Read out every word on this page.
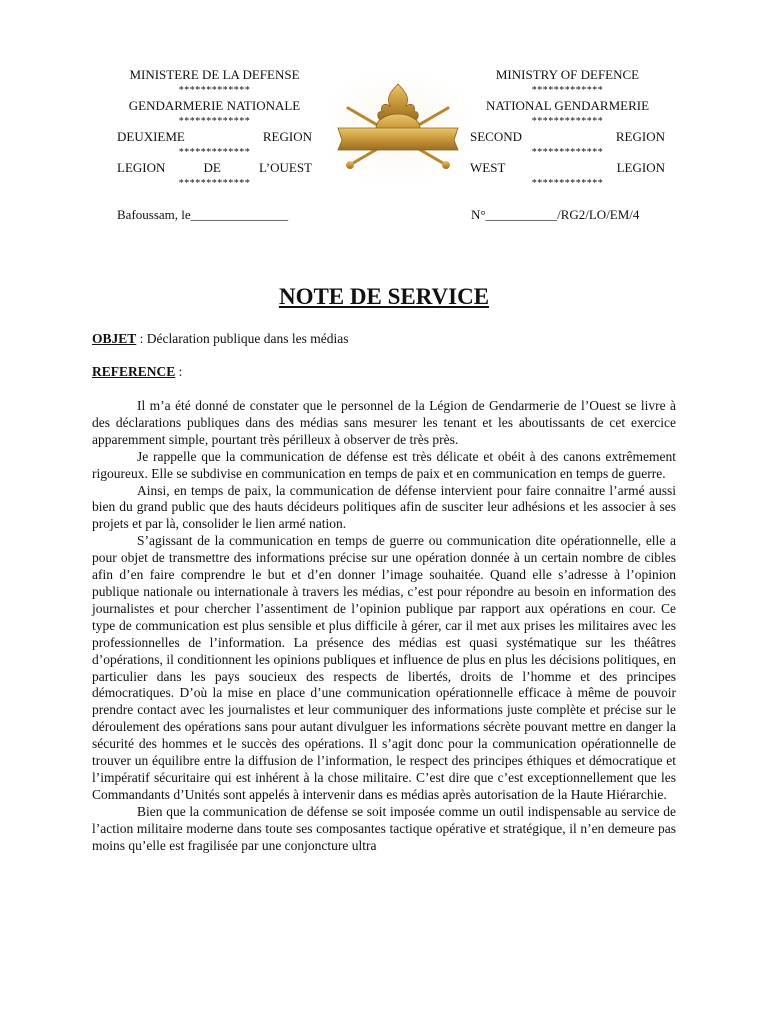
MINISTERE DE LA DEFENSE
*************
GENDARMERIE NATIONALE
*************
DEUXIEME REGION
*************
LEGION DE L’OUEST
*************
MINISTRY OF DEFENCE
*************
NATIONAL GENDARMERIE
*************
SECOND REGION
*************
WEST LEGION
*************
Bafoussam, le_______________	N°___________/RG2/LO/EM/4
NOTE DE SERVICE
OBJET : Déclaration publique dans les médias
REFERENCE :

Il m’a été donné de constater que le personnel de la Légion de Gendarmerie de l’Ouest se livre à des déclarations publiques dans des médias sans mesurer les tenant et les aboutissants de cet exercice apparemment simple, pourtant très périlleux à observer de très près.

Je rappelle que la communication de défense est très délicate et obéit à des canons extrêmement rigoureux. Elle se subdivise en communication en temps de paix et en communication en temps de guerre.

Ainsi, en temps de paix, la communication de défense intervient pour faire connaitre l’armé aussi bien du grand public que des hauts décideurs politiques afin de susciter leur adhésions et les associer à ses projets et par là, consolider le lien armé nation.

S’agissant de la communication en temps de guerre ou communication dite opérationnelle, elle a pour objet de transmettre des informations précise sur une opération donnée à un certain nombre de cibles afin d’en faire comprendre le but et d’en donner l’image souhaitée. Quand elle s’adresse à l’opinion publique nationale ou internationale à travers les médias, c’est pour répondre au besoin en information des journalistes et pour chercher l’assentiment de l’opinion publique par rapport aux opérations en cour. Ce type de communication est plus sensible et plus difficile à gérer, car il met aux prises les militaires avec les professionnelles de l’information. La présence des médias est quasi systématique sur les théâtres d’opérations, il conditionnent les opinions publiques et influence de plus en plus les décisions politiques, en particulier dans les pays soucieux des respects de libertés, droits de l’homme et des principes démocratiques. D’où la mise en place d’une communication opérationnelle efficace à même de pouvoir prendre contact avec les journalistes et leur communiquer des informations juste complète et précise sur le déroulement des opérations sans pour autant divulguer les informations sécrète pouvant mettre en danger la sécurité des hommes et le succès des opérations. Il s’agit donc pour la communication opérationnelle de trouver un équilibre entre la diffusion de l’information, le respect des principes éthiques et démocratique et l’impératif sécuritaire qui est inhérent à la chose militaire. C’est dire que c’est exceptionnellement que les Commandants d’Unités sont appelés à intervenir dans es médias après autorisation de la Haute Hiérarchie.

Bien que la communication de défense se soit imposée comme un outil indispensable au service de l’action militaire moderne dans toute ses composantes tactique opérative et stratégique, il n’en demeure pas moins qu’elle est fragilisée par une conjoncture ultra
